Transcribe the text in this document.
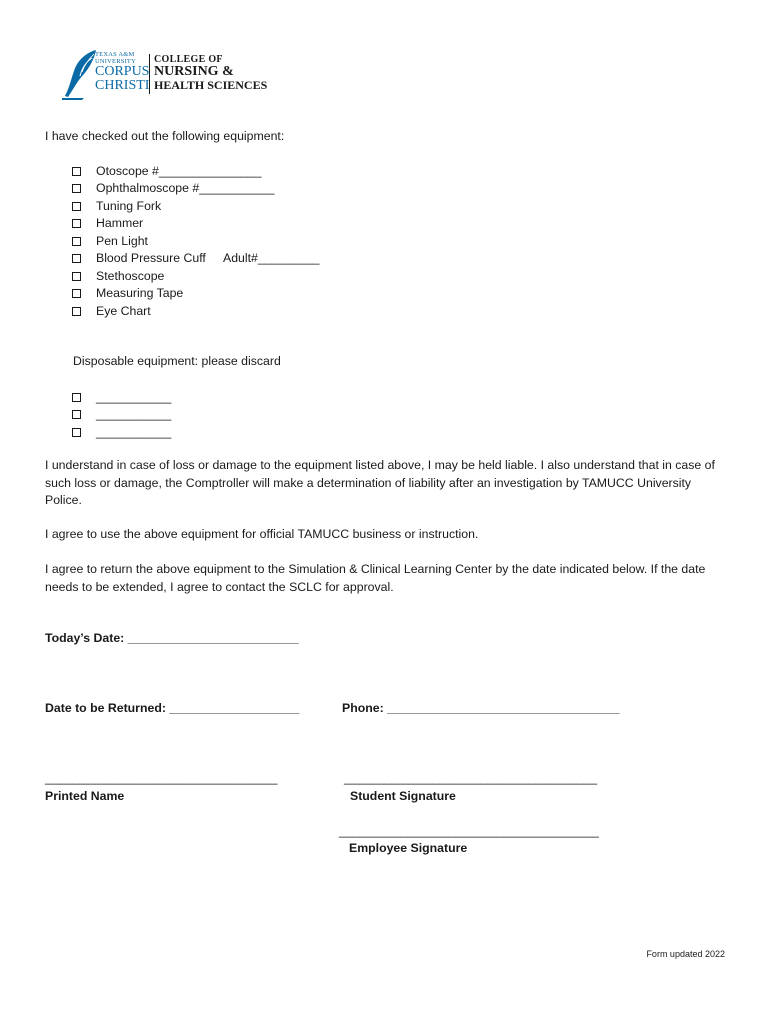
TEXAS A&M UNIVERSITY
CORPUS
CHRISTI
COLLEGE OF
NURSING &
HEALTH SCIENCES
I have checked out the following equipment:
Otoscope #_______________
Ophthalmoscope #___________
Tuning Fork
Hammer
Pen Light
Blood Pressure Cuff Adult#_________
Stethoscope
Measuring Tape
Eye Chart
Disposable equipment: please discard
___________
___________
___________
I understand in case of loss or damage to the equipment listed above, I may be held liable. I also understand that in case of such loss or damage, the Comptroller will make a determination of liability after an investigation by TAMUCC University Police.
I agree to use the above equipment for official TAMUCC business or instruction.
I agree to return the above equipment to the Simulation & Clinical Learning Center by the date indicated below. If the date needs to be extended, I agree to contact the SCLC for approval.
Today’s Date: _________________________
Date to be Returned: ___________________	Phone: __________________________________
__________________________________
Printed Name
_____________________________________
Student Signature
______________________________________
Employee Signature
Form updated 2022
